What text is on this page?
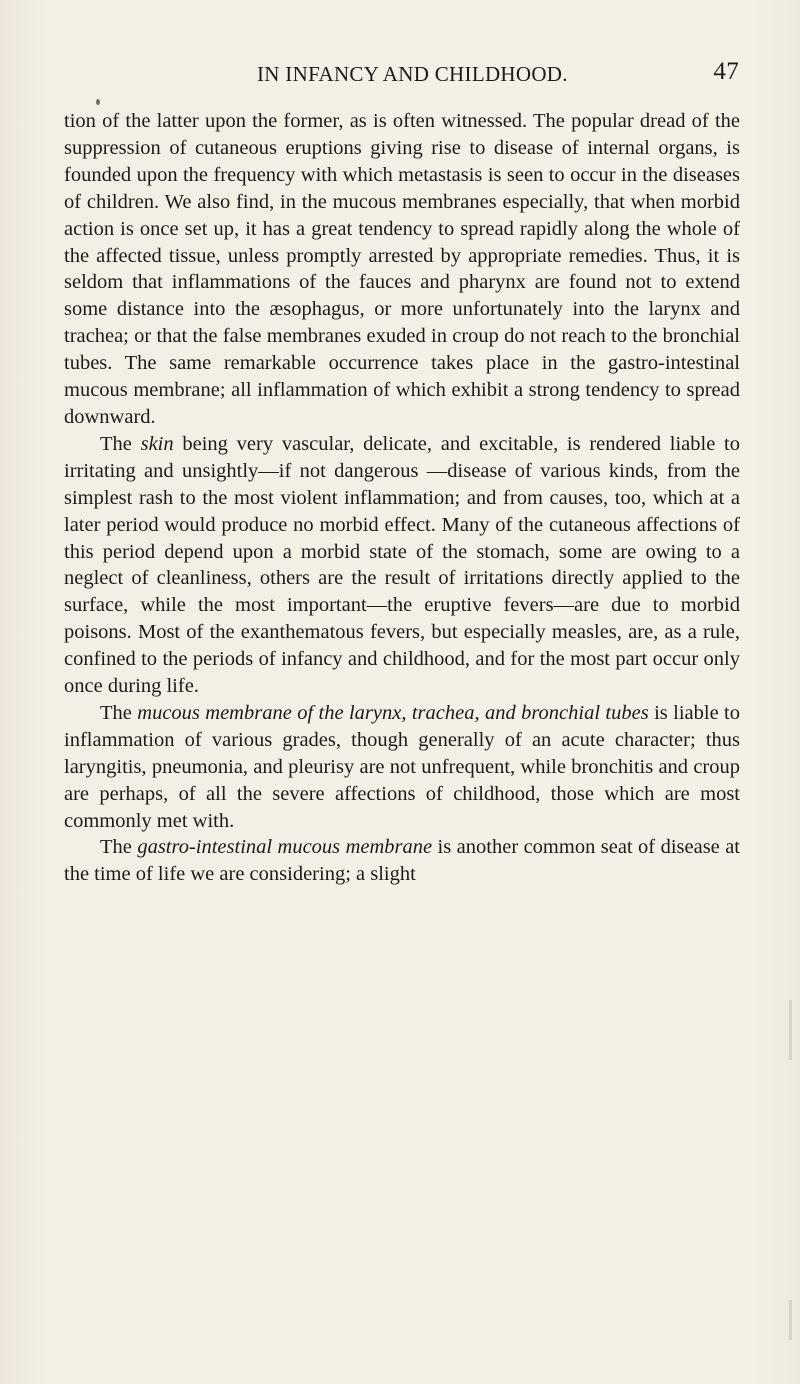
IN INFANCY AND CHILDHOOD.	47

tion of the latter upon the former, as is often witnessed. The popular dread of the suppression of cutaneous eruptions giving rise to disease of internal organs, is founded upon the frequency with which metastasis is seen to occur in the diseases of children. We also find, in the mucous membranes especially, that when morbid action is once set up, it has a great tendency to spread rapidly along the whole of the affected tissue, unless promptly arrested by appropriate remedies. Thus, it is seldom that inflammations of the fauces and pharynx are found not to extend some distance into the æsophagus, or more unfortunately into the larynx and trachea; or that the false membranes exuded in croup do not reach to the bronchial tubes. The same remarkable occurrence takes place in the gastro-intestinal mucous membrane; all inflammation of which exhibit a strong tendency to spread downward.

The skin being very vascular, delicate, and excitable, is rendered liable to irritating and unsightly—if not dangerous —disease of various kinds, from the simplest rash to the most violent inflammation; and from causes, too, which at a later period would produce no morbid effect. Many of the cutaneous affections of this period depend upon a morbid state of the stomach, some are owing to a neglect of cleanliness, others are the result of irritations directly applied to the surface, while the most important—the eruptive fevers—are due to morbid poisons. Most of the exanthematous fevers, but especially measles, are, as a rule, confined to the periods of infancy and childhood, and for the most part occur only once during life.

The mucous membrane of the larynx, trachea, and bronchial tubes is liable to inflammation of various grades, though generally of an acute character; thus laryngitis, pneumonia, and pleurisy are not unfrequent, while bronchitis and croup are perhaps, of all the severe affections of childhood, those which are most commonly met with.

The gastro-intestinal mucous membrane is another common seat of disease at the time of life we are considering; a slight
